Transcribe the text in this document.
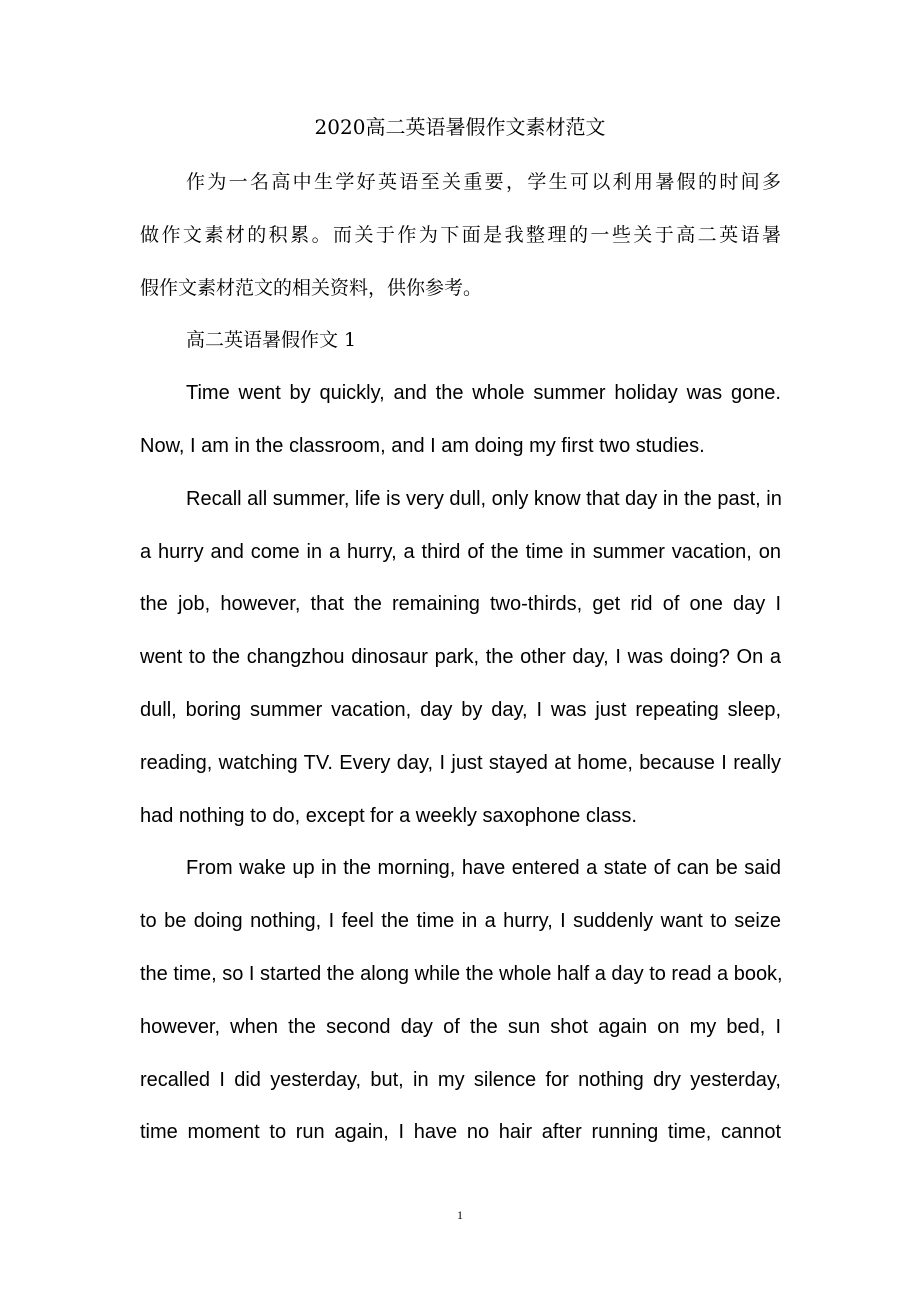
2020高二英语暑假作文素材范文
作为一名高中生学好英语至关重要，学生可以利用暑假的时间多
做作文素材的积累。而关于作为下面是我整理的一些关于高二英语暑
假作文素材范文的相关资料，供你参考。
高二英语暑假作文 1
Time went by quickly, and the whole summer holiday was gone.
Now, I am in the classroom, and I am doing my first two studies.
Recall all summer, life is very dull, only know that day in the past, in
a hurry and come in a hurry, a third of the time in summer vacation, on
the job, however, that the remaining two-thirds, get rid of one day I
went to the changzhou dinosaur park, the other day, I was doing? On a
dull, boring summer vacation, day by day, I was just repeating sleep,
reading, watching TV. Every day, I just stayed at home, because I really
had nothing to do, except for a weekly saxophone class.
From wake up in the morning, have entered a state of can be said
to be doing nothing, I feel the time in a hurry, I suddenly want to seize
the time, so I started the along while the whole half a day to read a book,
however, when the second day of the sun shot again on my bed, I
recalled I did yesterday, but, in my silence for nothing dry yesterday,
time moment to run again, I have no hair after running time, cannot
1
